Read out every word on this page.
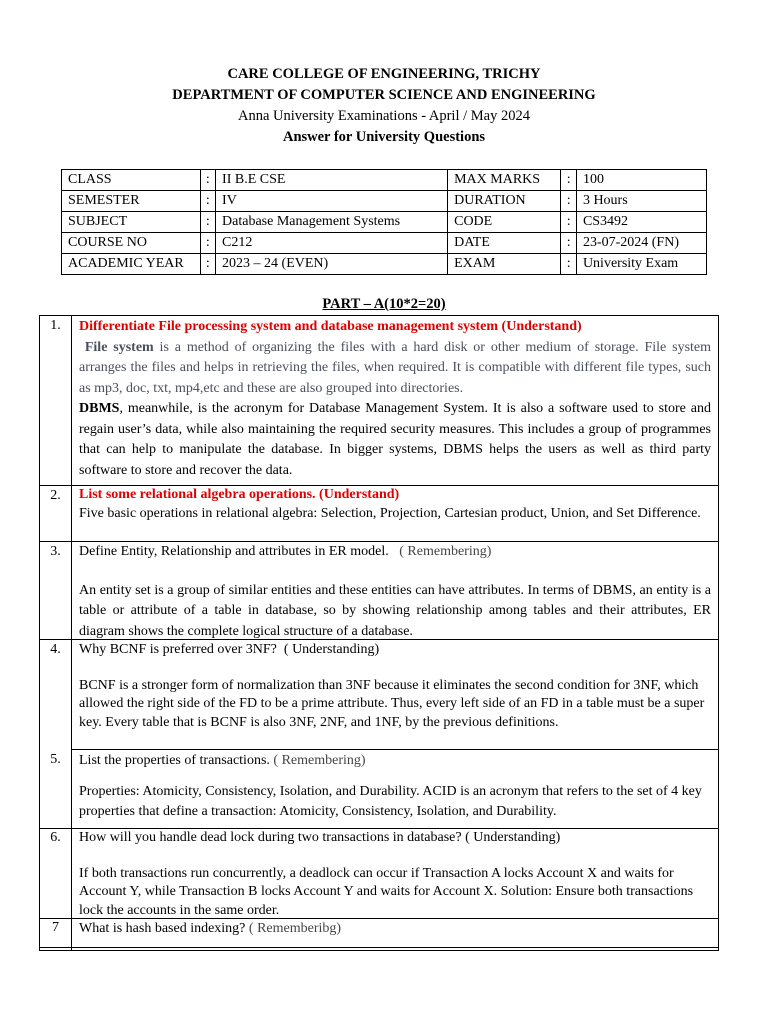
CARE COLLEGE OF ENGINEERING, TRICHY
DEPARTMENT OF COMPUTER SCIENCE AND ENGINEERING
Anna University Examinations - April / May 2024
Answer for University Questions
CLASS	:	II B.E CSE	MAX MARKS	:	100
SEMESTER	:	IV	DURATION	:	3 Hours
SUBJECT	:	Database Management Systems	CODE	:	CS3492
COURSE NO	:	C212	DATE	:	23-07-2024 (FN)
ACADEMIC YEAR	:	2023 – 24 (EVEN)	EXAM	:	University Exam
PART – A(10*2=20)
1.	Differentiate File processing system and database management system (Understand)
File system is a method of organizing the files with a hard disk or other medium of storage. File system arranges the files and helps in retrieving the files, when required. It is compatible with different file types, such as mp3, doc, txt, mp4,etc and these are also grouped into directories.
DBMS, meanwhile, is the acronym for Database Management System. It is also a software used to store and regain user’s data, while also maintaining the required security measures. This includes a group of programmes that can help to manipulate the database. In bigger systems, DBMS helps the users as well as third party software to store and recover the data.
2.	List some relational algebra operations. (Understand)
Five basic operations in relational algebra: Selection, Projection, Cartesian product, Union, and Set Difference.
3.	Define Entity, Relationship and attributes in ER model. ( Remembering)
An entity set is a group of similar entities and these entities can have attributes. In terms of DBMS, an entity is a table or attribute of a table in database, so by showing relationship among tables and their attributes, ER diagram shows the complete logical structure of a database.
4.	Why BCNF is preferred over 3NF? ( Understanding)
BCNF is a stronger form of normalization than 3NF because it eliminates the second condition for 3NF, which allowed the right side of the FD to be a prime attribute. Thus, every left side of an FD in a table must be a super key. Every table that is BCNF is also 3NF, 2NF, and 1NF, by the previous definitions.
5.	List the properties of transactions. ( Remembering)
Properties: Atomicity, Consistency, Isolation, and Durability. ACID is an acronym that refers to the set of 4 key properties that define a transaction: Atomicity, Consistency, Isolation, and Durability.
6.	How will you handle dead lock during two transactions in database? ( Understanding)
If both transactions run concurrently, a deadlock can occur if Transaction A locks Account X and waits for Account Y, while Transaction B locks Account Y and waits for Account X. Solution: Ensure both transactions lock the accounts in the same order.
7	What is hash based indexing? ( Rememberibg)
